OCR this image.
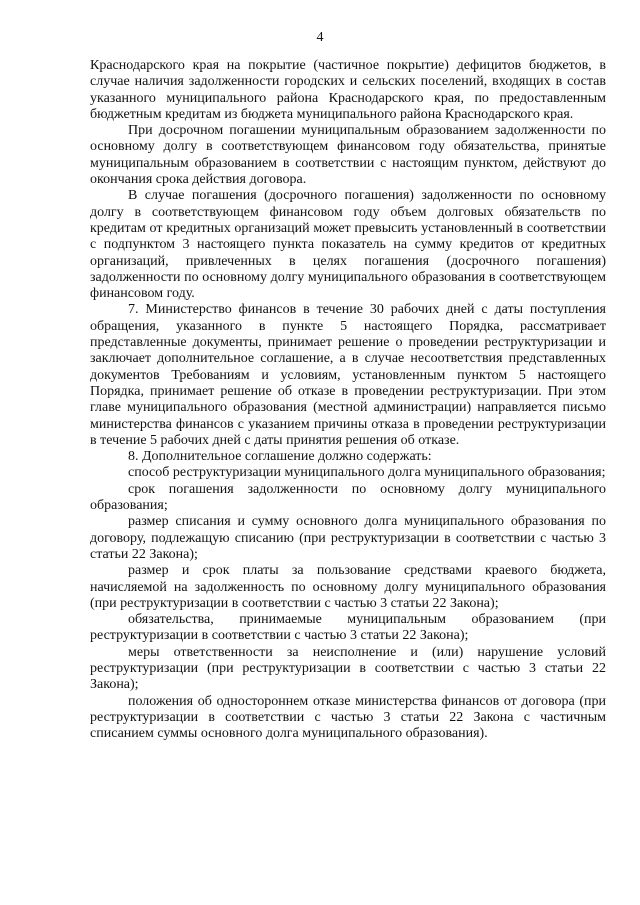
4

Краснодарского края на покрытие (частичное покрытие) дефицитов бюджетов, в случае наличия задолженности городских и сельских поселений, входящих в состав указанного муниципального района Краснодарского края, по предоставленным бюджетным кредитам из бюджета муниципального района Краснодарского края.

При досрочном погашении муниципальным образованием задолженности по основному долгу в соответствующем финансовом году обязательства, принятые муниципальным образованием в соответствии с настоящим пунктом, действуют до окончания срока действия договора.

В случае погашения (досрочного погашения) задолженности по основному долгу в соответствующем финансовом году объем долговых обязательств по кредитам от кредитных организаций может превысить установленный в соответствии с подпунктом 3 настоящего пункта показатель на сумму кредитов от кредитных организаций, привлеченных в целях погашения (досрочного погашения) задолженности по основному долгу муниципального образования в соответствующем финансовом году.

7. Министерство финансов в течение 30 рабочих дней с даты поступления обращения, указанного в пункте 5 настоящего Порядка, рассматривает представленные документы, принимает решение о проведении реструктуризации и заключает дополнительное соглашение, а в случае несоответствия представленных документов Требованиям и условиям, установленным пунктом 5 настоящего Порядка, принимает решение об отказе в проведении реструктуризации. При этом главе муниципального образования (местной администрации) направляется письмо министерства финансов с указанием причины отказа в проведении реструктуризации в течение 5 рабочих дней с даты принятия решения об отказе.

8. Дополнительное соглашение должно содержать:

способ реструктуризации муниципального долга муниципального образования;

срок погашения задолженности по основному долгу муниципального образования;

размер списания и сумму основного долга муниципального образования по договору, подлежащую списанию (при реструктуризации в соответствии с частью 3 статьи 22 Закона);

размер и срок платы за пользование средствами краевого бюджета, начисляемой на задолженность по основному долгу муниципального образования (при реструктуризации в соответствии с частью 3 статьи 22 Закона);

обязательства, принимаемые муниципальным образованием (при реструктуризации в соответствии с частью 3 статьи 22 Закона);

меры ответственности за неисполнение и (или) нарушение условий реструктуризации (при реструктуризации в соответствии с частью 3 статьи 22 Закона);

положения об одностороннем отказе министерства финансов от договора (при реструктуризации в соответствии с частью 3 статьи 22 Закона с частичным списанием суммы основного долга муниципального образования).
